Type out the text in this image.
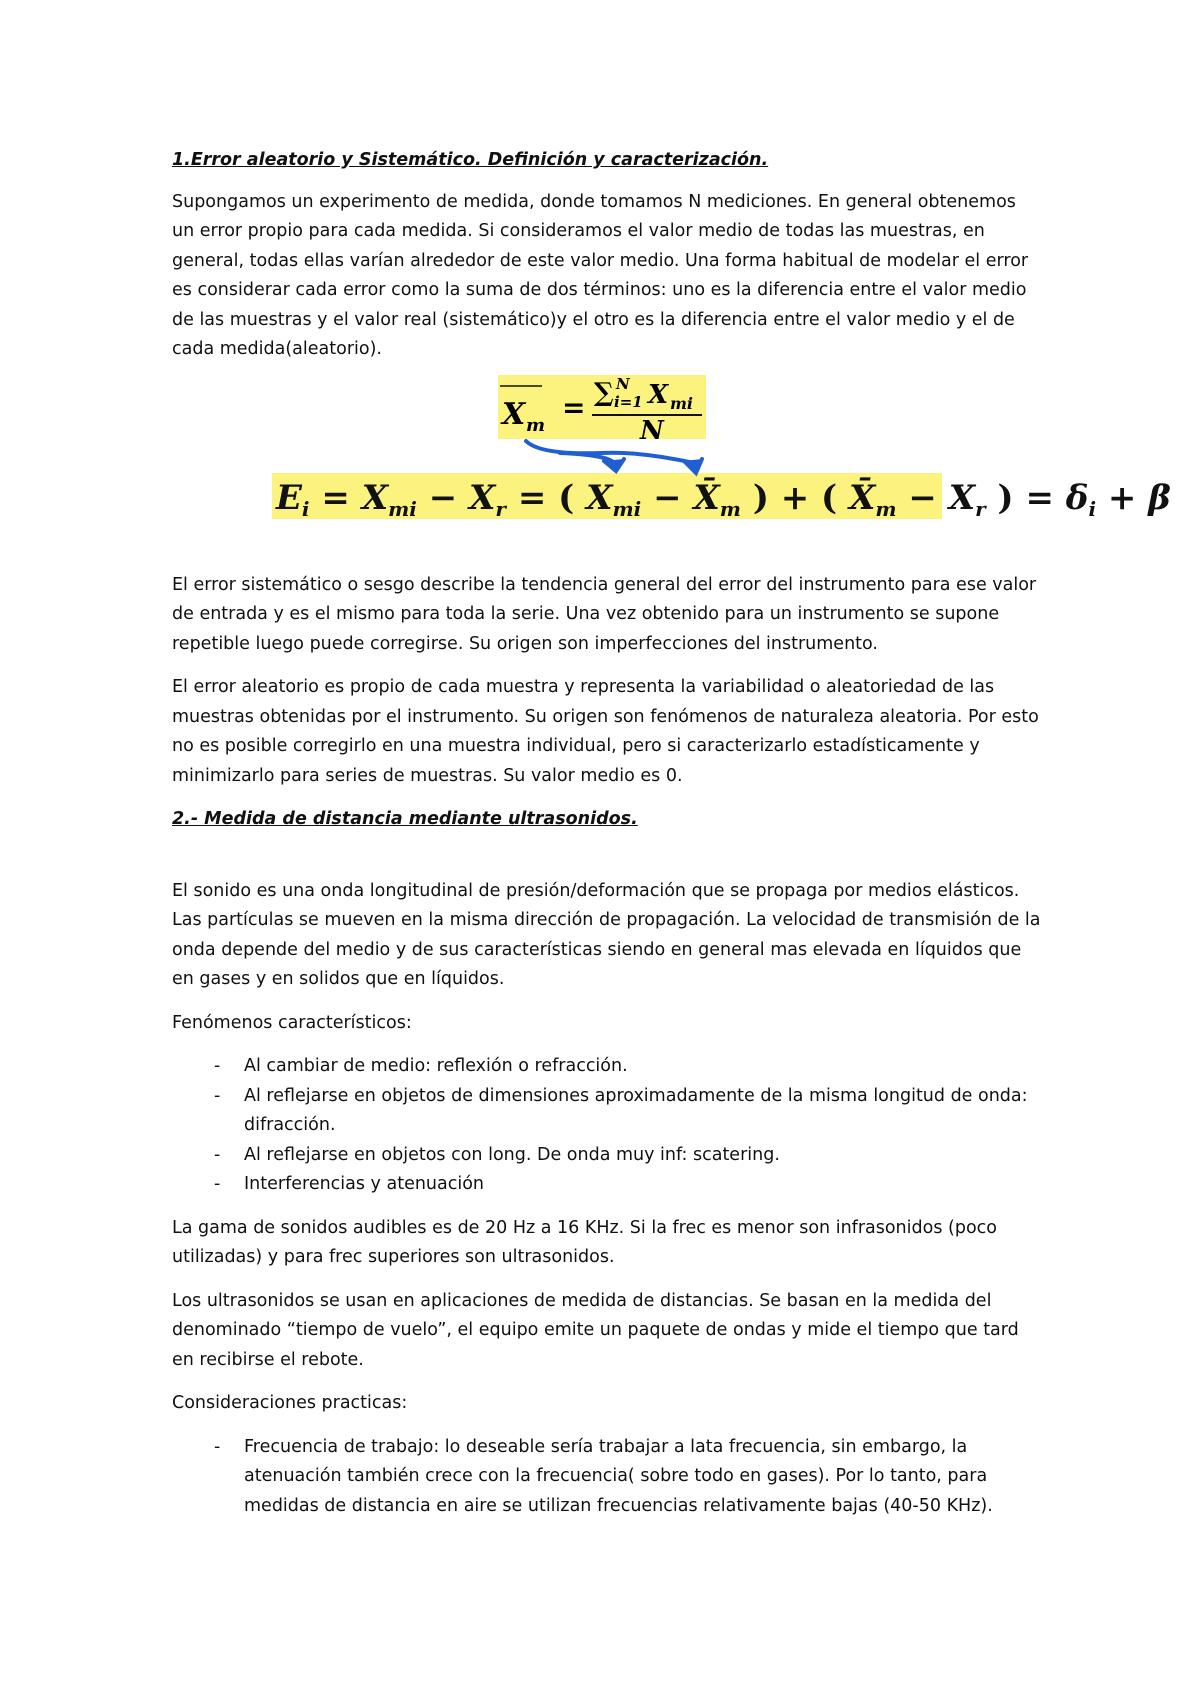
1.Error aleatorio y Sistemático. Definición y caracterización.

Supongamos un experimento de medida, donde tomamos N mediciones. En general obtenemos un error propio para cada medida. Si consideramos el valor medio de todas las muestras, en general, todas ellas varían alrededor de este valor medio. Una forma habitual de modelar el error es considerar cada error como la suma de dos términos: uno es la diferencia entre el valor medio de las muestras y el valor real (sistemático)y el otro es la diferencia entre el valor medio y el de cada medida(aleatorio).

X m
= ∑ N
i=1 X mi
N
$E_i = X_{mi} - X_r$ = ( $X_{mi}$ − $X̄_m$ ) + ( $X̄_m - X_r$ ) = $\delta_i + \beta$

El error sistemático o sesgo describe la tendencia general del error del instrumento para ese valor de entrada y es el mismo para toda la serie. Una vez obtenido para un instrumento se supone repetible luego puede corregirse. Su origen son imperfecciones del instrumento.

El error aleatorio es propio de cada muestra y representa la variabilidad o aleatoriedad de las muestras obtenidas por el instrumento. Su origen son fenómenos de naturaleza aleatoria. Por esto no es posible corregirlo en una muestra individual, pero si caracterizarlo estadísticamente y minimizarlo para series de muestras. Su valor medio es 0.

2.- Medida de distancia mediante ultrasonidos.

El sonido es una onda longitudinal de presión/deformación que se propaga por medios elásticos. Las partículas se mueven en la misma dirección de propagación. La velocidad de transmisión de la onda depende del medio y de sus características siendo en general mas elevada en líquidos que en gases y en solidos que en líquidos.

Fenómenos característicos:

- Al cambiar de medio: reflexión o refracción.
- Al reflejarse en objetos de dimensiones aproximadamente de la misma longitud de onda: difracción.
- Al reflejarse en objetos con long. De onda muy inf: scatering.
- Interferencias y atenuación

La gama de sonidos audibles es de 20 Hz a 16 KHz. Si la frec es menor son infrasonidos (poco utilizadas) y para frec superiores son ultrasonidos.

Los ultrasonidos se usan en aplicaciones de medida de distancias. Se basan en la medida del denominado “tiempo de vuelo”, el equipo emite un paquete de ondas y mide el tiempo que tard en recibirse el rebote.

Consideraciones practicas:

- Frecuencia de trabajo: lo deseable sería trabajar a lata frecuencia, sin embargo, la atenuación también crece con la frecuencia( sobre todo en gases). Por lo tanto, para medidas de distancia en aire se utilizan frecuencias relativamente bajas (40-50 KHz).
